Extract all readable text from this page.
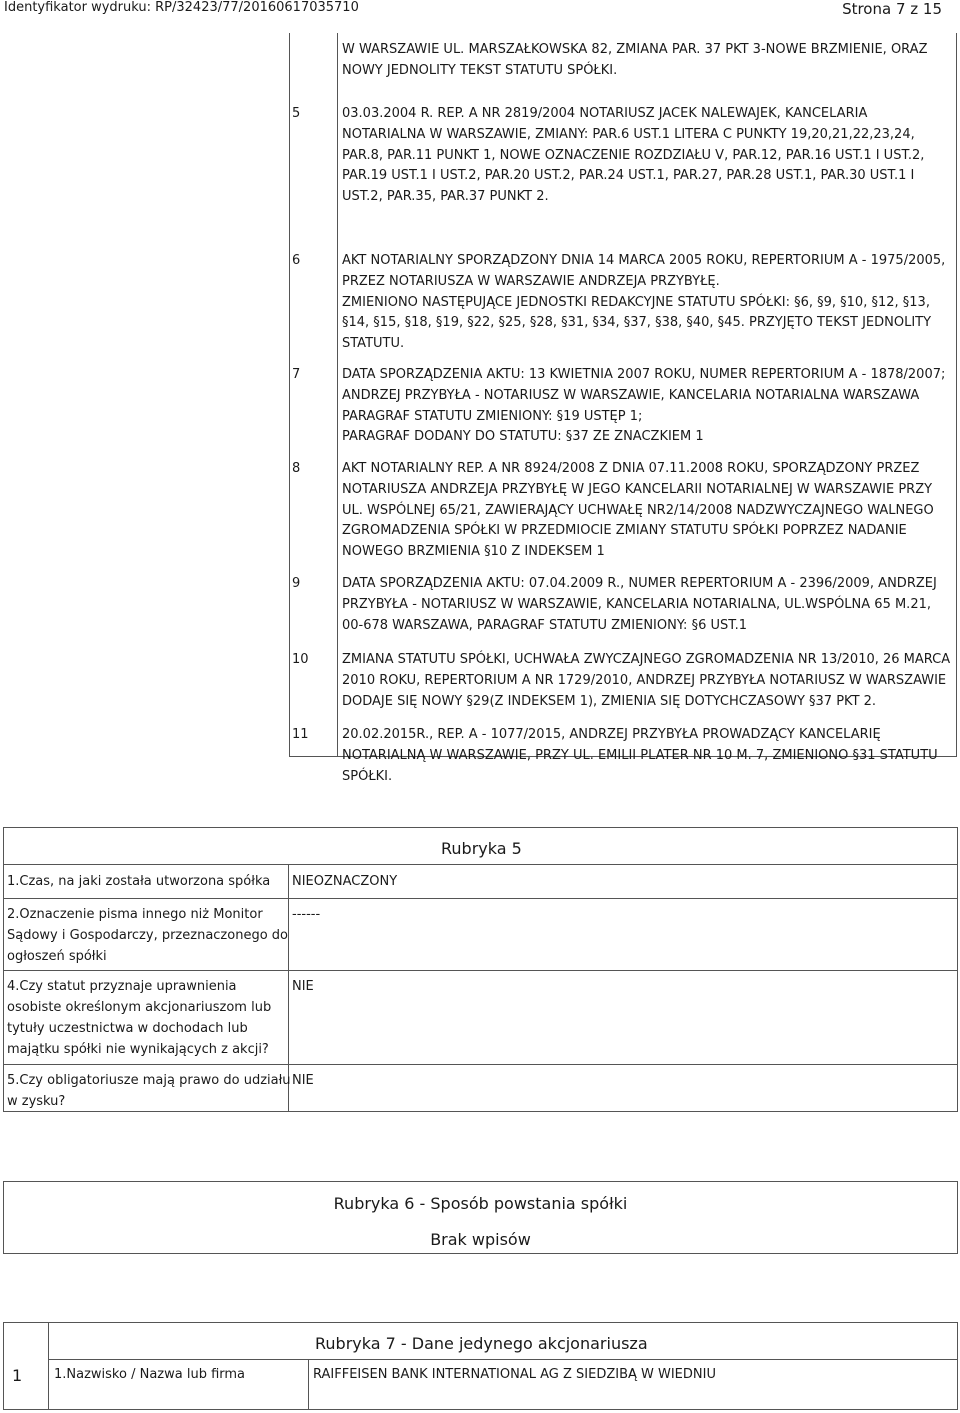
Identyfikator wydruku: RP/32423/77/20160617035710	Strona 7 z 15
W WARSZAWIE UL. MARSZAŁKOWSKA 82, ZMIANA PAR. 37 PKT 3-NOWE BRZMIENIE, ORAZ
NOWY JEDNOLITY TEKST STATUTU SPÓŁKI.
5	03.03.2004 R. REP. A NR 2819/2004 NOTARIUSZ JACEK NALEWAJEK, KANCELARIA
NOTARIALNA W WARSZAWIE, ZMIANY: PAR.6 UST.1 LITERA C PUNKTY 19,20,21,22,23,24,
PAR.8, PAR.11 PUNKT 1, NOWE OZNACZENIE ROZDZIAŁU V, PAR.12, PAR.16 UST.1 I UST.2,
PAR.19 UST.1 I UST.2, PAR.20 UST.2, PAR.24 UST.1, PAR.27, PAR.28 UST.1, PAR.30 UST.1 I
UST.2, PAR.35, PAR.37 PUNKT 2.
6	AKT NOTARIALNY SPORZĄDZONY DNIA 14 MARCA 2005 ROKU, REPERTORIUM A - 1975/2005,
PRZEZ NOTARIUSZA W WARSZAWIE ANDRZEJA PRZYBYŁĘ.
ZMIENIONO NASTĘPUJĄCE JEDNOSTKI REDAKCYJNE STATUTU SPÓŁKI: §6, §9, §10, §12, §13,
§14, §15, §18, §19, §22, §25, §28, §31, §34, §37, §38, §40, §45. PRZYJĘTO TEKST JEDNOLITY
STATUTU.
7	DATA SPORZĄDZENIA AKTU: 13 KWIETNIA 2007 ROKU, NUMER REPERTORIUM A - 1878/2007;
ANDRZEJ PRZYBYŁA - NOTARIUSZ W WARSZAWIE, KANCELARIA NOTARIALNA WARSZAWA
PARAGRAF STATUTU ZMIENIONY: §19 USTĘP 1;
PARAGRAF DODANY DO STATUTU: §37 ZE ZNACZKIEM 1
8	AKT NOTARIALNY REP. A NR 8924/2008 Z DNIA 07.11.2008 ROKU, SPORZĄDZONY PRZEZ
NOTARIUSZA ANDRZEJA PRZYBYŁĘ W JEGO KANCELARII NOTARIALNEJ W WARSZAWIE PRZY
UL. WSPÓLNEJ 65/21, ZAWIERAJĄCY UCHWAŁĘ NR2/14/2008 NADZWYCZAJNEGO WALNEGO
ZGROMADZENIA SPÓŁKI W PRZEDMIOCIE ZMIANY STATUTU SPÓŁKI POPRZEZ NADANIE
NOWEGO BRZMIENIA §10 Z INDEKSEM 1
9	DATA SPORZĄDZENIA AKTU: 07.04.2009 R., NUMER REPERTORIUM A - 2396/2009, ANDRZEJ
PRZYBYŁA - NOTARIUSZ W WARSZAWIE, KANCELARIA NOTARIALNA, UL.WSPÓLNA 65 M.21,
00-678 WARSZAWA, PARAGRAF STATUTU ZMIENIONY: §6 UST.1
10	ZMIANA STATUTU SPÓŁKI, UCHWAŁA ZWYCZAJNEGO ZGROMADZENIA NR 13/2010, 26 MARCA
2010 ROKU, REPERTORIUM A NR 1729/2010, ANDRZEJ PRZYBYŁA NOTARIUSZ W WARSZAWIE
DODAJE SIĘ NOWY §29(Z INDEKSEM 1), ZMIENIA SIĘ DOTYCHCZASOWY §37 PKT 2.
11	20.02.2015R., REP. A - 1077/2015, ANDRZEJ PRZYBYŁA PROWADZĄCY KANCELARIĘ
NOTARIALNĄ W WARSZAWIE, PRZY UL. EMILII PLATER NR 10 M. 7, ZMIENIONO §31 STATUTU
SPÓŁKI.
Rubryka 5
1.Czas, na jaki została utworzona spółka	NIEOZNACZONY
2.Oznaczenie pisma innego niż Monitor
Sądowy i Gospodarczy, przeznaczonego do
ogłoszeń spółki
------
4.Czy statut przyznaje uprawnienia
osobiste określonym akcjonariuszom lub
tytuły uczestnictwa w dochodach lub
majątku spółki nie wynikających z akcji?
NIE
5.Czy obligatoriusze mają prawo do udziału
w zysku?
NIE
Rubryka 6 - Sposób powstania spółki
Brak wpisów
Rubryka 7 - Dane jedynego akcjonariusza
1 1.Nazwisko / Nazwa lub firma	RAIFFEISEN BANK INTERNATIONAL AG Z SIEDZIBĄ W WIEDNIU
